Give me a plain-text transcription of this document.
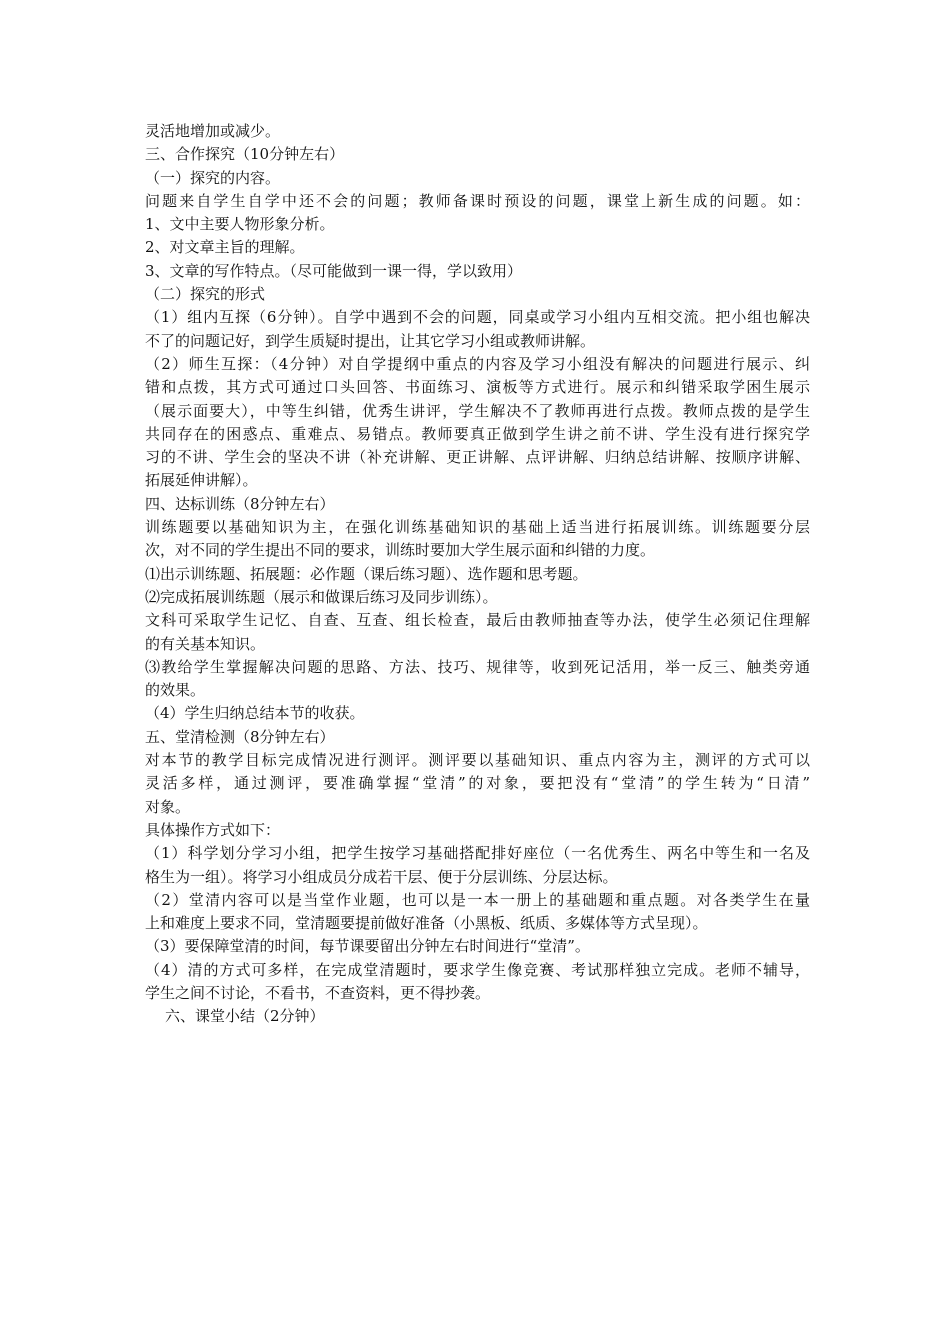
灵活地增加或减少。
三、合作探究（10分钟左右）
（一）探究的内容。
问题来自学生自学中还不会的问题；教师备课时预设的问题，课堂上新生成的问题。如：
1、文中主要人物形象分析。
2、对文章主旨的理解。
3、文章的写作特点。（尽可能做到一课一得，学以致用）
（二）探究的形式
（1）组内互探（6分钟）。自学中遇到不会的问题，同桌或学习小组内互相交流。把小组也解决
不了的问题记好，到学生质疑时提出，让其它学习小组或教师讲解。
（2）师生互探：（4分钟）对自学提纲中重点的内容及学习小组没有解决的问题进行展示、纠
错和点拨，其方式可通过口头回答、书面练习、演板等方式进行。展示和纠错采取学困生展示
（展示面要大），中等生纠错，优秀生讲评，学生解决不了教师再进行点拨。教师点拨的是学生
共同存在的困惑点、重难点、易错点。教师要真正做到学生讲之前不讲、学生没有进行探究学
习的不讲、学生会的坚决不讲（补充讲解、更正讲解、点评讲解、归纳总结讲解、按顺序讲解、
拓展延伸讲解）。
四、达标训练（8分钟左右）
训练题要以基础知识为主，在强化训练基础知识的基础上适当进行拓展训练。训练题要分层
次，对不同的学生提出不同的要求，训练时要加大学生展示面和纠错的力度。
⑴出示训练题、拓展题：必作题（课后练习题）、选作题和思考题。
⑵完成拓展训练题（展示和做课后练习及同步训练）。
文科可采取学生记忆、自查、互查、组长检查，最后由教师抽查等办法，使学生必须记住理解
的有关基本知识。
⑶教给学生掌握解决问题的思路、方法、技巧、规律等，收到死记活用，举一反三、触类旁通
的效果。
（4）学生归纳总结本节的收获。
五、堂清检测（8分钟左右）
对本节的教学目标完成情况进行测评。测评要以基础知识、重点内容为主，测评的方式可以
灵活多样，通过测评，要准确掌握“堂清”的对象，要把没有“堂清”的学生转为“日清”
对象。
具体操作方式如下：
（1）科学划分学习小组，把学生按学习基础搭配排好座位（一名优秀生、两名中等生和一名及
格生为一组）。将学习小组成员分成若干层、便于分层训练、分层达标。
（2）堂清内容可以是当堂作业题，也可以是一本一册上的基础题和重点题。对各类学生在量
上和难度上要求不同，堂清题要提前做好准备（小黑板、纸质、多媒体等方式呈现）。
（3）要保障堂清的时间，每节课要留出分钟左右时间进行“堂清”。
（4）清的方式可多样，在完成堂清题时，要求学生像竞赛、考试那样独立完成。老师不辅导，
学生之间不讨论，不看书，不查资料，更不得抄袭。
六、课堂小结（2分钟）
